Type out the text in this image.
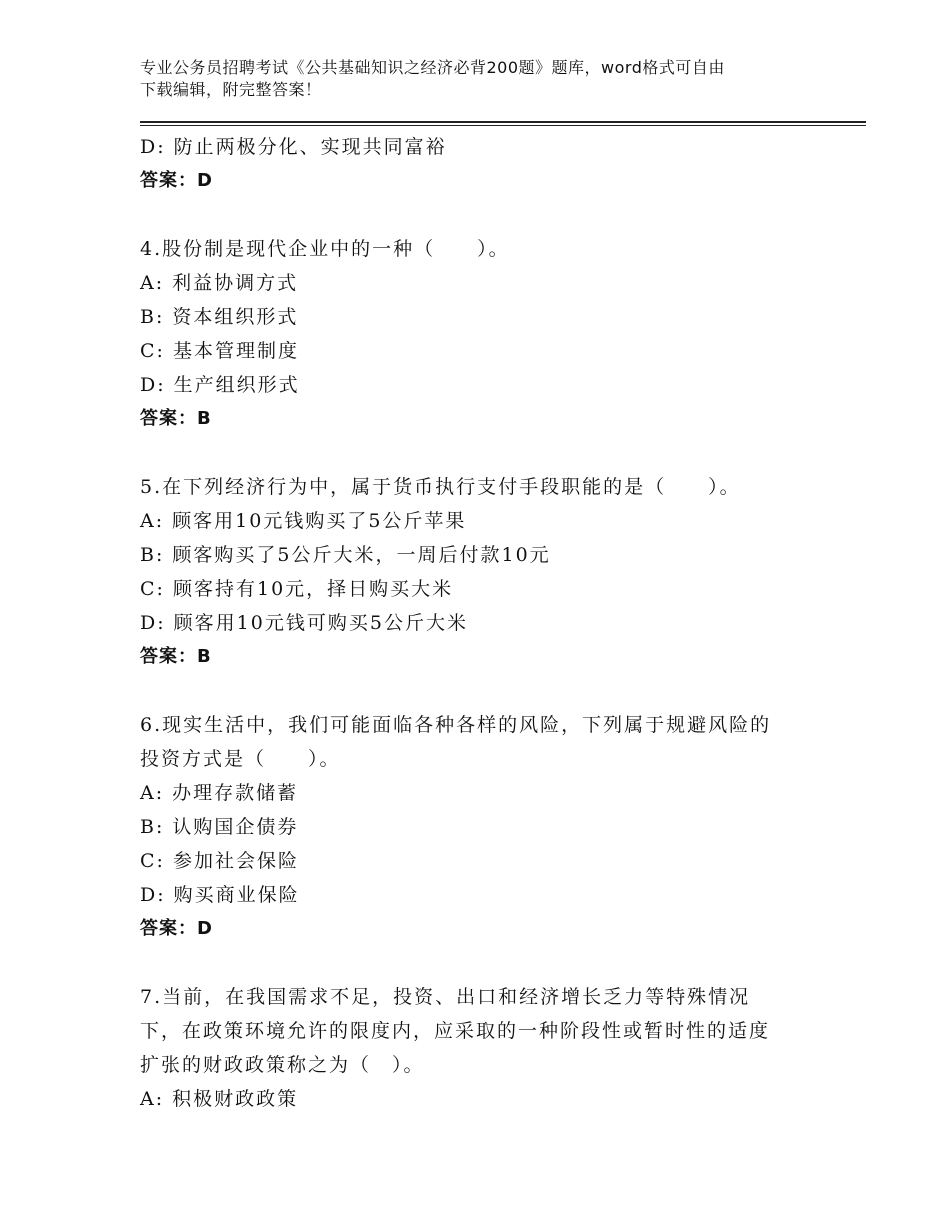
专业公务员招聘考试《公共基础知识之经济必背200题》题库，word格式可自由
下载编辑，附完整答案！
D: 防止两极分化、实现共同富裕
答案：D
4.股份制是现代企业中的一种（　　）。
A: 利益协调方式
B: 资本组织形式
C: 基本管理制度
D: 生产组织形式
答案：B
5.在下列经济行为中，属于货币执行支付手段职能的是（　　）。
A: 顾客用10元钱购买了5公斤苹果
B: 顾客购买了5公斤大米，一周后付款10元
C: 顾客持有10元，择日购买大米
D: 顾客用10元钱可购买5公斤大米
答案：B
6.现实生活中，我们可能面临各种各样的风险，下列属于规避风险的
投资方式是（　　）。
A: 办理存款储蓄
B: 认购国企债券
C: 参加社会保险
D: 购买商业保险
答案：D
7.当前，在我国需求不足，投资、出口和经济增长乏力等特殊情况
下，在政策环境允许的限度内，应采取的一种阶段性或暂时性的适度
扩张的财政政策称之为（　）。
A: 积极财政政策
